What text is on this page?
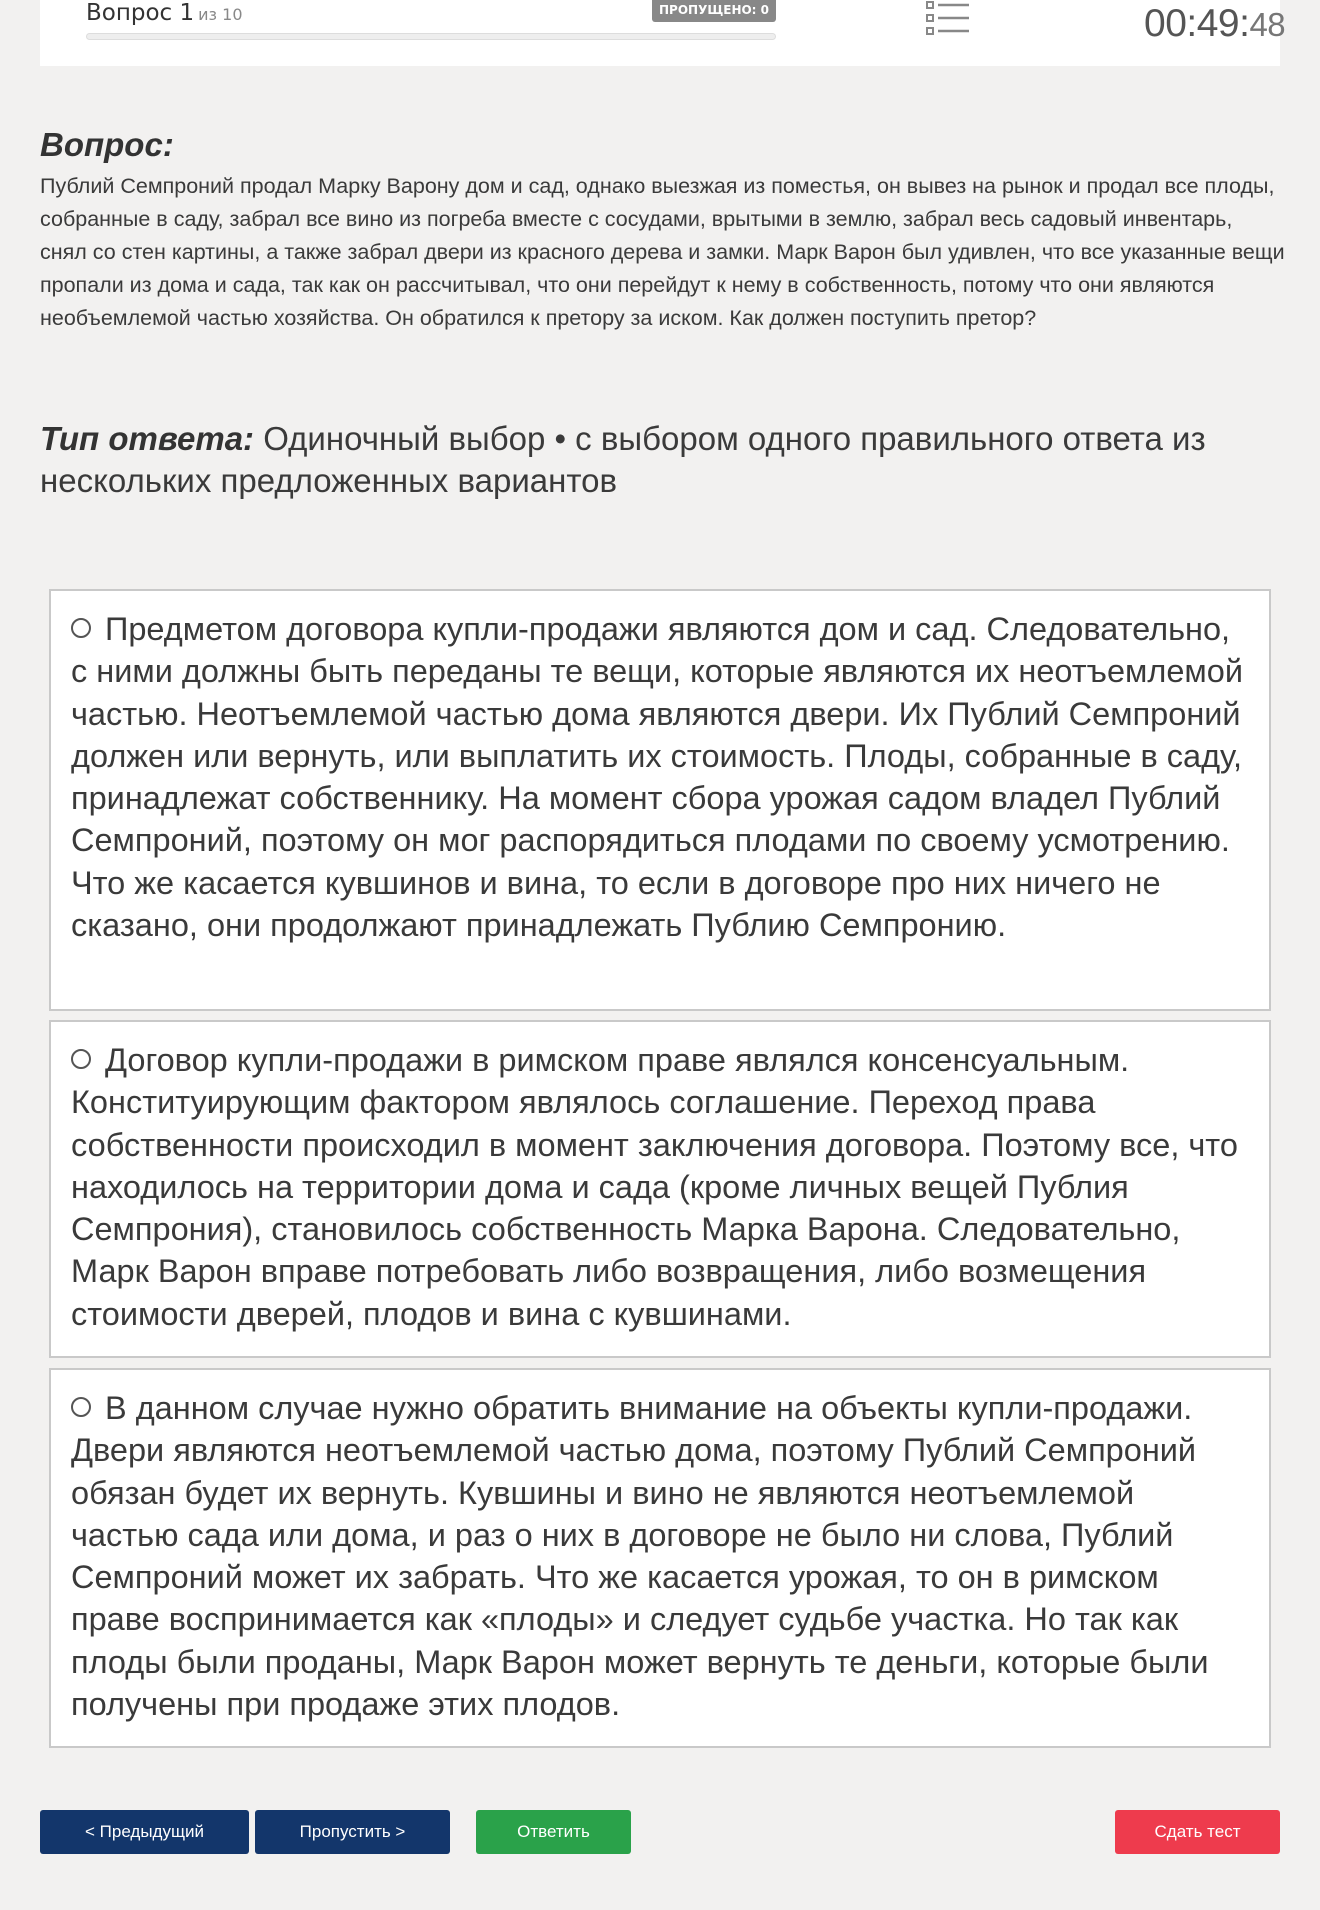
Вопрос 1 из 10	ПРОПУЩЕНО: 0	00:49:48
Вопрос:
Публий Семпроний продал Марку Варону дом и сад, однако выезжая из поместья, он вывез на рынок и продал все плоды, собранные в саду, забрал все вино из погреба вместе с сосудами, врытыми в землю, забрал весь садовый инвентарь, снял со стен картины, а также забрал двери из красного дерева и замки. Марк Варон был удивлен, что все указанные вещи пропали из дома и сада, так как он рассчитывал, что они перейдут к нему в собственность, потому что они являются необъемлемой частью хозяйства. Он обратился к претору за иском. Как должен поступить претор?
Тип ответа: Одиночный выбор • с выбором одного правильного ответа из нескольких предложенных вариантов
Предметом договора купли-продажи являются дом и сад. Следовательно, с ними должны быть переданы те вещи, которые являются их неотъемлемой частью. Неотъемлемой частью дома являются двери. Их Публий Семпроний должен или вернуть, или выплатить их стоимость. Плоды, собранные в саду, принадлежат собственнику. На момент сбора урожая садом владел Публий Семпроний, поэтому он мог распорядиться плодами по своему усмотрению. Что же касается кувшинов и вина, то если в договоре про них ничего не сказано, они продолжают принадлежать Публию Семпронию.
Договор купли-продажи в римском праве являлся консенсуальным. Конституирующим фактором являлось соглашение. Переход права собственности происходил в момент заключения договора. Поэтому все, что находилось на территории дома и сада (кроме личных вещей Публия Семпрония), становилось собственность Марка Варона. Следовательно, Марк Варон вправе потребовать либо возвращения, либо возмещения стоимости дверей, плодов и вина с кувшинами.
В данном случае нужно обратить внимание на объекты купли-продажи. Двери являются неотъемлемой частью дома, поэтому Публий Семпроний обязан будет их вернуть. Кувшины и вино не являются неотъемлемой частью сада или дома, и раз о них в договоре не было ни слова, Публий Семпроний может их забрать. Что же касается урожая, то он в римском праве воспринимается как «плоды» и следует судьбе участка. Но так как плоды были проданы, Марк Варон может вернуть те деньги, которые были получены при продаже этих плодов.
< Предыдущий	Пропустить >	Ответить	Сдать тест
